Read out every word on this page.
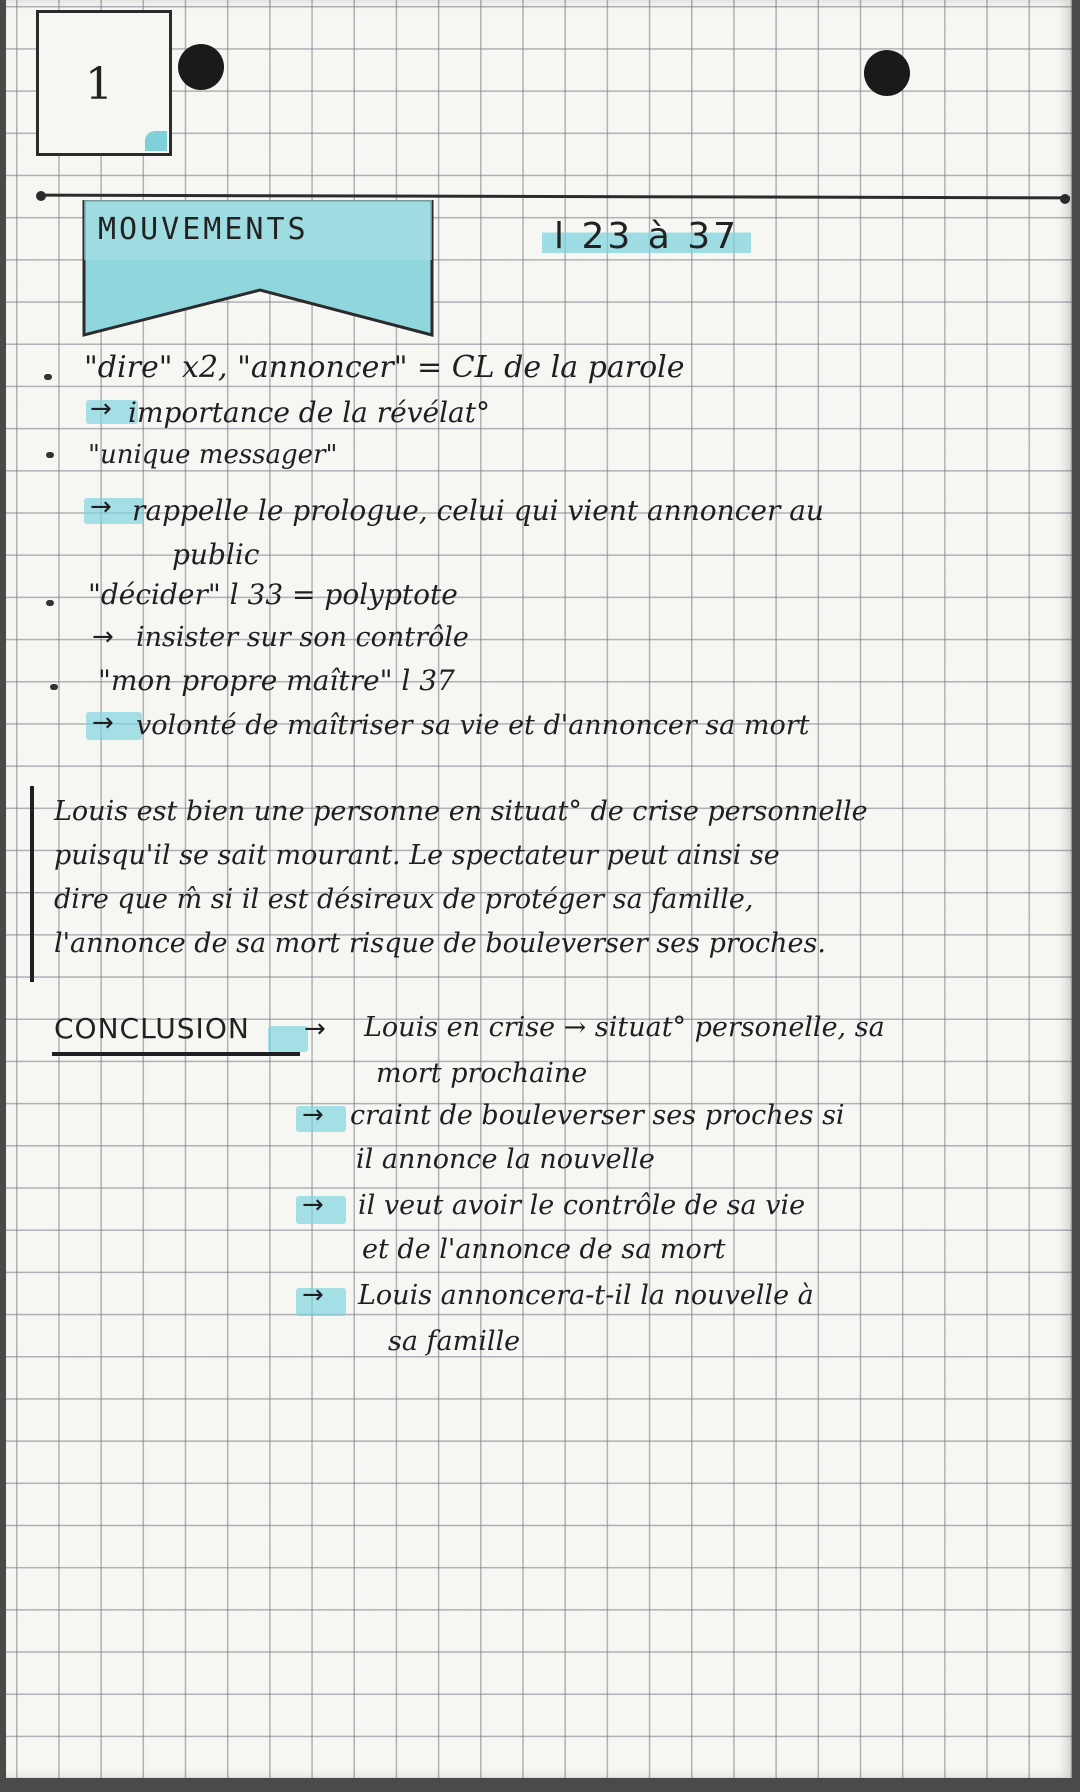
1
MOUVEMENTS	l 23 à 37
"dire" x2, "annoncer" = CL de la parole
→ importance de la révélat°
"unique messager"
→ rappelle le prologue, celui qui vient annoncer au
public
"décider" l 33 = polyptote
→ insister sur son contrôle
"mon propre maître" l 37
→ volonté de maîtriser sa vie et d'annoncer sa mort
Louis est bien une personne en situat° de crise personnelle
puisqu'il se sait mourant. Le spectateur peut ainsi se
dire que m̂ si il est désireux de protéger sa famille,
l'annonce de sa mort risque de bouleverser ses proches.
CONCLUSION → Louis en crise → situat° personelle, sa
mort prochaine
→ craint de bouleverser ses proches si
il annonce la nouvelle
→ il veut avoir le contrôle de sa vie
et de l'annonce de sa mort
→ Louis annoncera-t-il la nouvelle à
sa famille
